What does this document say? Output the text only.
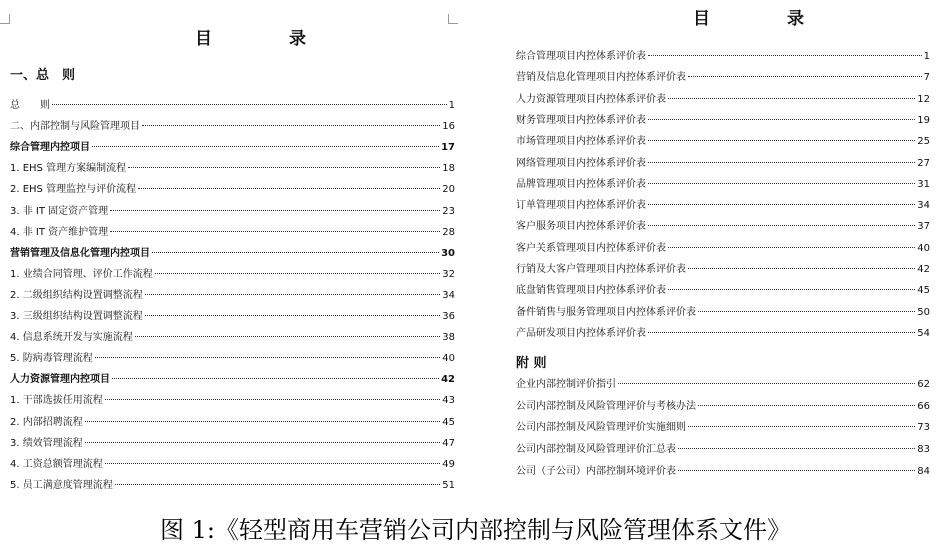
目　录
一、总　则
总　　则	1
二、内部控制与风险管理项目	16
综合管理内控项目	17
1. EHS 管理方案编制流程	18
2. EHS 管理监控与评价流程	20
3. 非 IT 固定资产管理	23
4. 非 IT 资产维护管理	28
营销管理及信息化管理内控项目	30
1. 业绩合同管理、评价工作流程	32
2. 二级组织结构设置调整流程	34
3. 三级组织结构设置调整流程	36
4. 信息系统开发与实施流程	38
5. 防病毒管理流程	40
人力资源管理内控项目	42
1. 干部选拔任用流程	43
2. 内部招聘流程	45
3. 绩效管理流程	47
4. 工资总额管理流程	49
5. 员工满意度管理流程	51
目　录
综合管理项目内控体系评价表	1
营销及信息化管理项目内控体系评价表	7
人力资源管理项目内控体系评价表	12
财务管理项目内控体系评价表	19
市场管理项目内控体系评价表	25
网络管理项目内控体系评价表	27
品牌管理项目内控体系评价表	31
订单管理项目内控体系评价表	34
客户服务项目内控体系评价表	37
客户关系管理项目内控体系评价表	40
行销及大客户管理项目内控体系评价表	42
底盘销售管理项目内控体系评价表	45
备件销售与服务管理项目内控体系评价表	50
产品研发项目内控体系评价表	54
附 则
企业内部控制评价指引	62
公司内部控制及风险管理评价与考核办法	66
公司内部控制及风险管理评价实施细则	73
公司内部控制及风险管理评价汇总表	83
公司（子公司）内部控制环境评价表	84
图 1:《轻型商用车营销公司内部控制与风险管理体系文件》
